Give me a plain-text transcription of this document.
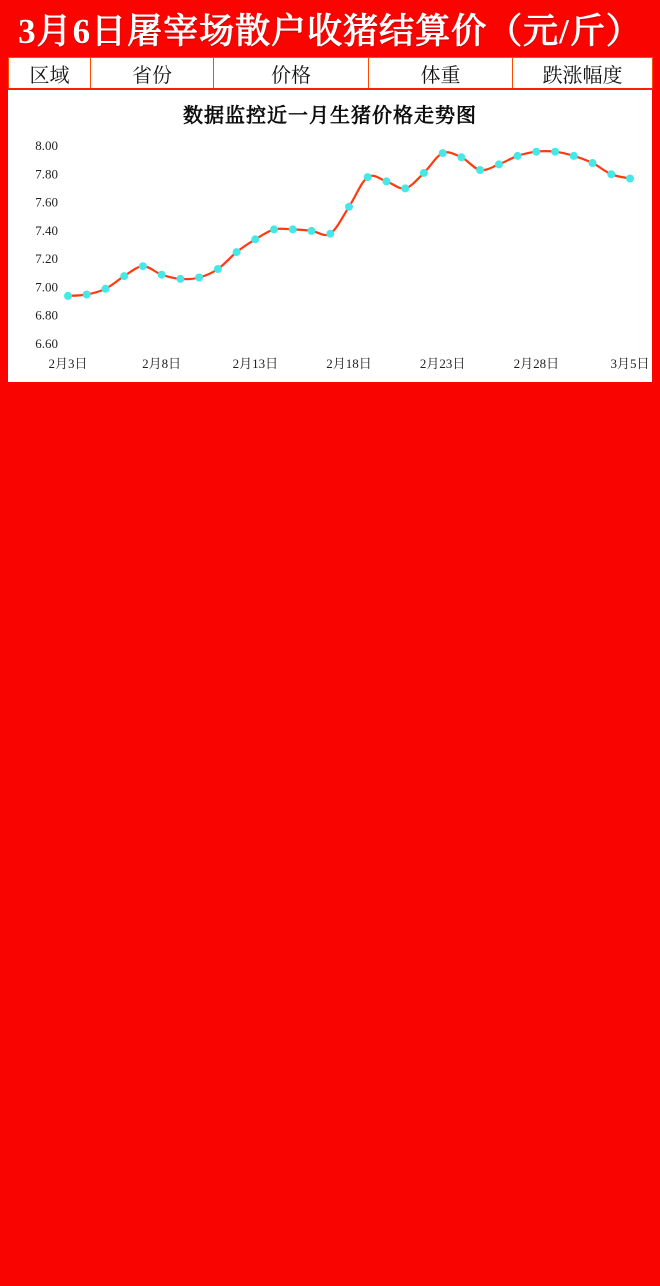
3月6日屠宰场散户收猪结算价（元/斤）
区域	省份	价格	体重	跌涨幅度
数据监控近一月生猪价格走势图
8.00
7.80
7.60
7.40
7.20
7.00
6.80
6.60
2月3日	2月8日	2月13日	2月18日	2月23日	2月28日	3月5日
